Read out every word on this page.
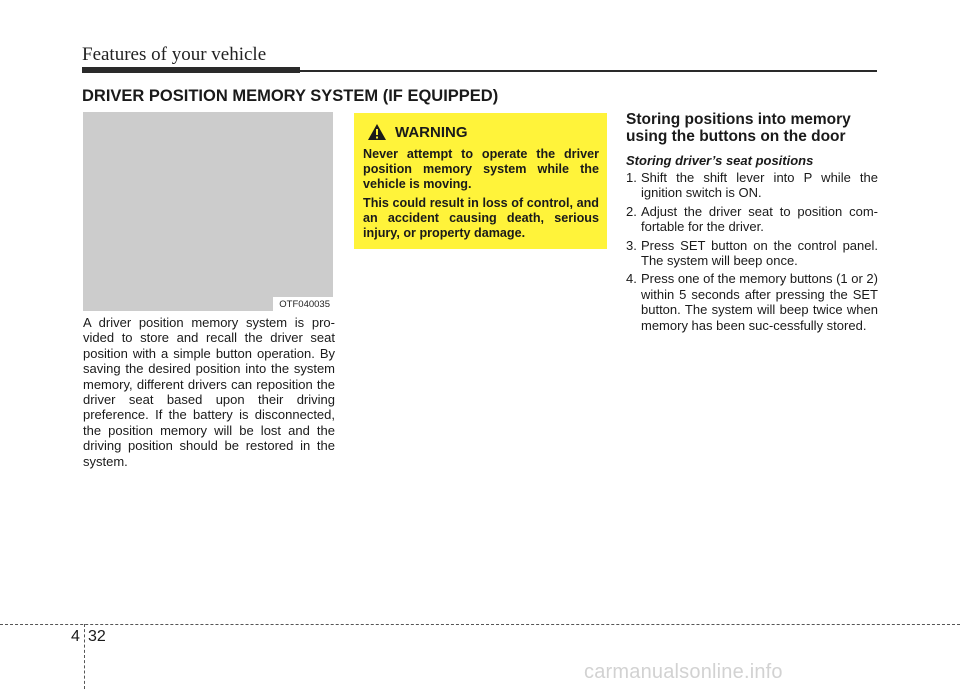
Features of your vehicle
DRIVER POSITION MEMORY SYSTEM (IF EQUIPPED)
OTF040035
A driver position memory system is pro-vided to store and recall the driver seat position with a simple button operation. By saving the desired position into the system memory, different drivers can reposition the driver seat based upon their driving preference. If the battery is disconnected, the position memory will be lost and the driving position should be restored in the system.
WARNING

Never attempt to operate the driver position memory system while the vehicle is moving.

This could result in loss of control, and an accident causing death, serious injury, or property damage.

Storing positions into memory using the buttons on the door
Storing driver’s seat positions
1. Shift the shift lever into P while the ignition switch is ON.
2. Adjust the driver seat to position com-fortable for the driver.
3. Press SET button on the control panel. The system will beep once.
4. Press one of the memory buttons (1 or 2) within 5 seconds after pressing the SET button. The system will beep twice when memory has been suc-cessfully stored.
4 32
carmanualsonline.info
